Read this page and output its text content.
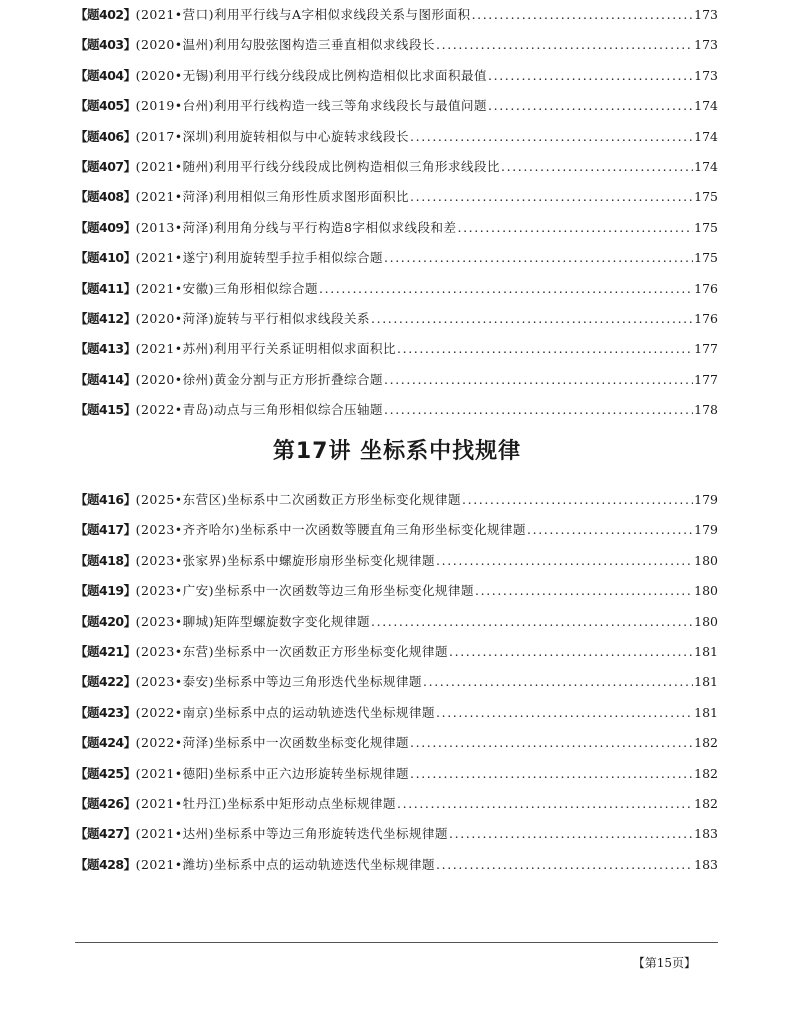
【题402】 (2021•营口)利用平行线与A字相似求线段关系与图形面积 .....	173
【题403】 (2020•温州)利用勾股弦图构造三垂直相似求线段长 .....	173
【题404】 (2020•无锡)利用平行线分线段成比例构造相似比求面积最值 .....	173
【题405】 (2019•台州)利用平行线构造一线三等角求线段长与最值问题 .....	174
【题406】 (2017•深圳)利用旋转相似与中心旋转求线段长 .....	174
【题407】 (2021•随州)利用平行线分线段成比例构造相似三角形求线段比 .....	174
【题408】 (2021•菏泽)利用相似三角形性质求图形面积比 .....	175
【题409】 (2013•菏泽)利用角分线与平行构造8字相似求线段和差 .....	175
【题410】 (2021•遂宁)利用旋转型手拉手相似综合题 .....	175
【题411】 (2021•安徽)三角形相似综合题 .....	176
【题412】 (2020•菏泽)旋转与平行相似求线段关系 .....	176
【题413】 (2021•苏州)利用平行关系证明相似求面积比 .....	177
【题414】 (2020•徐州)黄金分割与正方形折叠综合题 .....	177
【题415】 (2022•青岛)动点与三角形相似综合压轴题 .....	178
第17讲 坐标系中找规律
【题416】 (2025•东营区)坐标系中二次函数正方形坐标变化规律题 .....	179
【题417】 (2023•齐齐哈尔)坐标系中一次函数等腰直角三角形坐标变化规律题 .....	179
【题418】 (2023•张家界)坐标系中螺旋形扇形坐标变化规律题 .....	180
【题419】 (2023•广安)坐标系中一次函数等边三角形坐标变化规律题 .....	180
【题420】 (2023•聊城)矩阵型螺旋数字变化规律题 .....	180
【题421】 (2023•东营)坐标系中一次函数正方形坐标变化规律题 .....	181
【题422】 (2023•泰安)坐标系中等边三角形迭代坐标规律题 .....	181
【题423】 (2022•南京)坐标系中点的运动轨迹迭代坐标规律题 .....	181
【题424】 (2022•菏泽)坐标系中一次函数坐标变化规律题 .....	182
【题425】 (2021•德阳)坐标系中正六边形旋转坐标规律题 .....	182
【题426】 (2021•牡丹江)坐标系中矩形动点坐标规律题 .....	182
【题427】 (2021•达州)坐标系中等边三角形旋转迭代坐标规律题 .....	183
【题428】 (2021•潍坊)坐标系中点的运动轨迹迭代坐标规律题 .....	183
【第15页】
